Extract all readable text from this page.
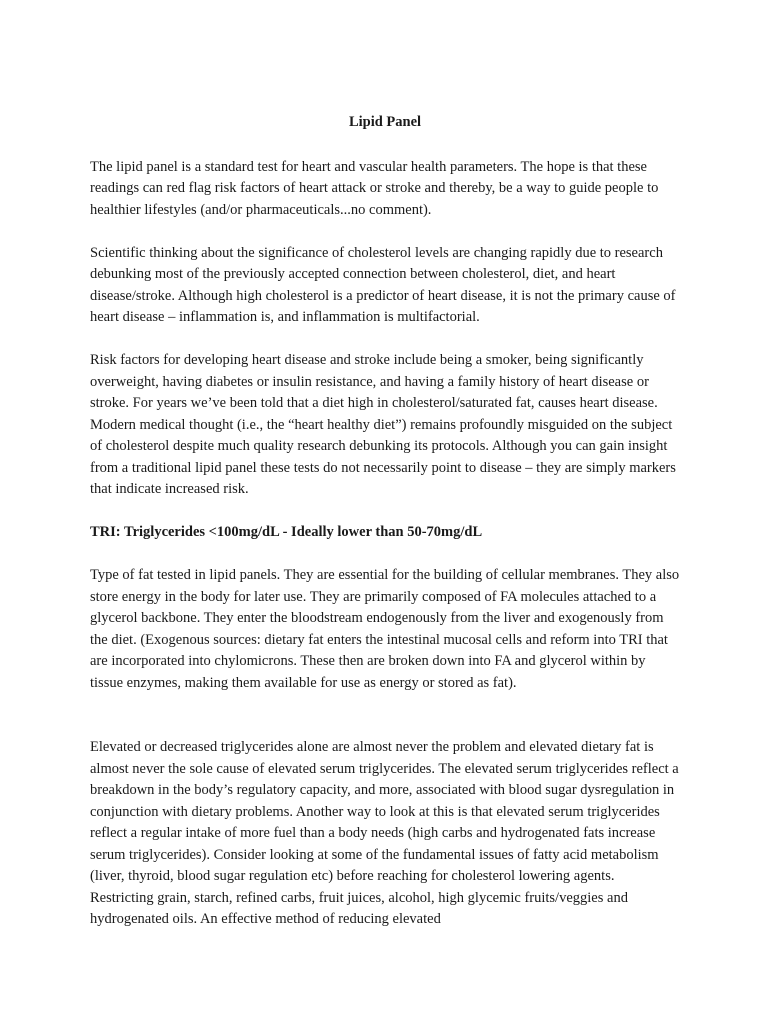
Lipid Panel

The lipid panel is a standard test for heart and vascular health parameters. The hope is that these readings can red flag risk factors of heart attack or stroke and thereby, be a way to guide people to healthier lifestyles (and/or pharmaceuticals...no comment).

Scientific thinking about the significance of cholesterol levels are changing rapidly due to research debunking most of the previously accepted connection between cholesterol, diet, and heart disease/stroke. Although high cholesterol is a predictor of heart disease, it is not the primary cause of heart disease – inflammation is, and inflammation is multifactorial.

Risk factors for developing heart disease and stroke include being a smoker, being significantly overweight, having diabetes or insulin resistance, and having a family history of heart disease or stroke. For years we’ve been told that a diet high in cholesterol/saturated fat, causes heart disease. Modern medical thought (i.e., the “heart healthy diet”) remains profoundly misguided on the subject of cholesterol despite much quality research debunking its protocols. Although you can gain insight from a traditional lipid panel these tests do not necessarily point to disease – they are simply markers that indicate increased risk.

TRI: Triglycerides <100mg/dL - Ideally lower than 50-70mg/dL

Type of fat tested in lipid panels. They are essential for the building of cellular membranes. They also store energy in the body for later use. They are primarily composed of FA molecules attached to a glycerol backbone. They enter the bloodstream endogenously from the liver and exogenously from the diet. (Exogenous sources: dietary fat enters the intestinal mucosal cells and reform into TRI that are incorporated into chylomicrons. These then are broken down into FA and glycerol within by tissue enzymes, making them available for use as energy or stored as fat).

Elevated or decreased triglycerides alone are almost never the problem and elevated dietary fat is almost never the sole cause of elevated serum triglycerides. The elevated serum triglycerides reflect a breakdown in the body’s regulatory capacity, and more, associated with blood sugar dysregulation in conjunction with dietary problems. Another way to look at this is that elevated serum triglycerides reflect a regular intake of more fuel than a body needs (high carbs and hydrogenated fats increase serum triglycerides). Consider looking at some of the fundamental issues of fatty acid metabolism (liver, thyroid, blood sugar regulation etc) before reaching for cholesterol lowering agents. Restricting grain, starch, refined carbs, fruit juices, alcohol, high glycemic fruits/veggies and hydrogenated oils. An effective method of reducing elevated
